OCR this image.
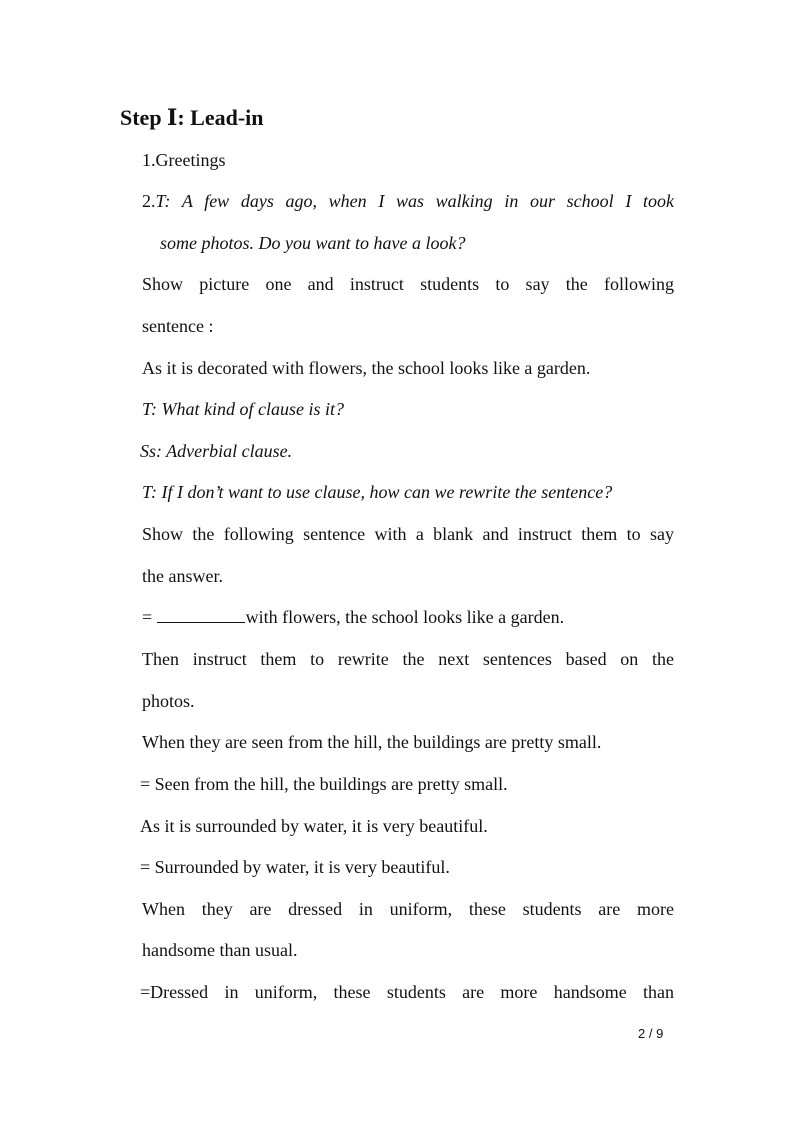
Step Ⅰ: Lead-in
1.Greetings
2.T: A few days ago, when I was walking in our school I took
some photos. Do you want to have a look?
Show picture one and instruct students to say the following
sentence :
As it is decorated with flowers, the school looks like a garden.
T: What kind of clause is it?
Ss: Adverbial clause.
T: If I don’t want to use clause, how can we rewrite the sentence?
Show the following sentence with a blank and instruct them to say
the answer.
=	with flowers, the school looks like a garden.
Then instruct them to rewrite the next sentences based on the
photos.
When they are seen from the hill, the buildings are pretty small.
= Seen from the hill, the buildings are pretty small.
As it is surrounded by water, it is very beautiful.
= Surrounded by water, it is very beautiful.
When they are dressed in uniform, these students are more
handsome than usual.
=Dressed in uniform, these students are more handsome than
2 / 9
